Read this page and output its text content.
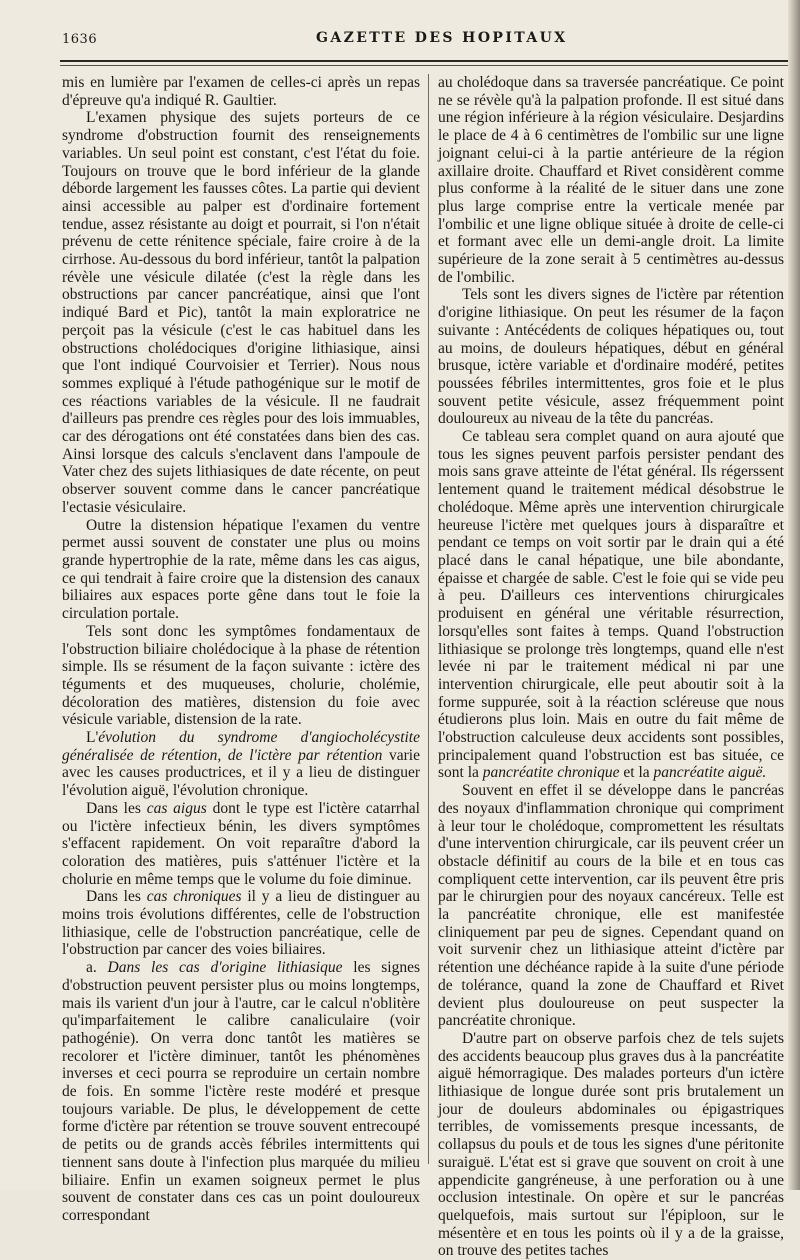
1636	GAZETTE DES HOPITAUX

mis en lumière par l'examen de celles-ci après un repas d'épreuve qu'a indiqué R. Gaultier.

L'examen physique des sujets porteurs de ce syndrome d'obstruction fournit des renseignements variables. Un seul point est constant, c'est l'état du foie. Toujours on trouve que le bord inférieur de la glande déborde largement les fausses côtes. La partie qui devient ainsi accessible au palper est d'ordinaire fortement tendue, assez résistante au doigt et pourrait, si l'on n'était prévenu de cette rénitence spéciale, faire croire à de la cirrhose. Au-dessous du bord inférieur, tantôt la palpation révèle une vésicule dilatée (c'est la règle dans les obstructions par cancer pancréatique, ainsi que l'ont indiqué Bard et Pic), tantôt la main exploratrice ne perçoit pas la vésicule (c'est le cas habituel dans les obstructions cholédociques d'origine lithiasique, ainsi que l'ont indiqué Courvoisier et Terrier). Nous nous sommes expliqué à l'étude pathogénique sur le motif de ces réactions variables de la vésicule. Il ne faudrait d'ailleurs pas prendre ces règles pour des lois immuables, car des dérogations ont été constatées dans bien des cas. Ainsi lorsque des calculs s'enclavent dans l'ampoule de Vater chez des sujets lithiasiques de date récente, on peut observer souvent comme dans le cancer pancréatique l'ectasie vésiculaire.

Outre la distension hépatique l'examen du ventre permet aussi souvent de constater une plus ou moins grande hypertrophie de la rate, même dans les cas aigus, ce qui tendrait à faire croire que la distension des canaux biliaires aux espaces porte gêne dans tout le foie la circulation portale.

Tels sont donc les symptômes fondamentaux de l'obstruction biliaire cholédocique à la phase de rétention simple. Ils se résument de la façon suivante : ictère des téguments et des muqueuses, cholurie, cholémie, décoloration des matières, distension du foie avec vésicule variable, distension de la rate.

L'évolution du syndrome d'angiocholécystite généralisée de rétention, de l'ictère par rétention varie avec les causes productrices, et il y a lieu de distinguer l'évolution aiguë, l'évolution chronique.

Dans les cas aigus dont le type est l'ictère catarrhal ou l'ictère infectieux bénin, les divers symptômes s'effacent rapidement. On voit reparaître d'abord la coloration des matières, puis s'atténuer l'ictère et la cholurie en même temps que le volume du foie diminue.

Dans les cas chroniques il y a lieu de distinguer au moins trois évolutions différentes, celle de l'obstruction lithiasique, celle de l'obstruction pancréatique, celle de l'obstruction par cancer des voies biliaires.

a. Dans les cas d'origine lithiasique les signes d'obstruction peuvent persister plus ou moins longtemps, mais ils varient d'un jour à l'autre, car le calcul n'oblitère qu'imparfaitement le calibre canaliculaire (voir pathogénie). On verra donc tantôt les matières se recolorer et l'ictère diminuer, tantôt les phénomènes inverses et ceci pourra se reproduire un certain nombre de fois. En somme l'ictère reste modéré et presque toujours variable. De plus, le développement de cette forme d'ictère par rétention se trouve souvent entrecoupé de petits ou de grands accès fébriles intermittents qui tiennent sans doute à l'infection plus marquée du milieu biliaire. Enfin un examen soigneux permet le plus souvent de constater dans ces cas un point douloureux correspondant

au cholédoque dans sa traversée pancréatique. Ce point ne se révèle qu'à la palpation profonde. Il est situé dans une région inférieure à la région vésiculaire. Desjardins le place de 4 à 6 centimètres de l'ombilic sur une ligne joignant celui-ci à la partie antérieure de la région axillaire droite. Chauffard et Rivet considèrent comme plus conforme à la réalité de le situer dans une zone plus large comprise entre la verticale menée par l'ombilic et une ligne oblique située à droite de celle-ci et formant avec elle un demi-angle droit. La limite supérieure de la zone serait à 5 centimètres au-dessus de l'ombilic.

Tels sont les divers signes de l'ictère par rétention d'origine lithiasique. On peut les résumer de la façon suivante : Antécédents de coliques hépatiques ou, tout au moins, de douleurs hépatiques, début en général brusque, ictère variable et d'ordinaire modéré, petites poussées fébriles intermittentes, gros foie et le plus souvent petite vésicule, assez fréquemment point douloureux au niveau de la tête du pancréas.

Ce tableau sera complet quand on aura ajouté que tous les signes peuvent parfois persister pendant des mois sans grave atteinte de l'état général. Ils régerssent lentement quand le traitement médical désobstrue le cholédoque. Même après une intervention chirurgicale heureuse l'ictère met quelques jours à disparaître et pendant ce temps on voit sortir par le drain qui a été placé dans le canal hépatique, une bile abondante, épaisse et chargée de sable. C'est le foie qui se vide peu à peu. D'ailleurs ces interventions chirurgicales produisent en général une véritable résurrection, lorsqu'elles sont faites à temps. Quand l'obstruction lithiasique se prolonge très longtemps, quand elle n'est levée ni par le traitement médical ni par une intervention chirurgicale, elle peut aboutir soit à la forme suppurée, soit à la réaction scléreuse que nous étudierons plus loin. Mais en outre du fait même de l'obstruction calculeuse deux accidents sont possibles, principalement quand l'obstruction est bas située, ce sont la pancréatite chronique et la pancréatite aiguë.

Souvent en effet il se développe dans le pancréas des noyaux d'inflammation chronique qui compriment à leur tour le cholédoque, compromettent les résultats d'une intervention chirurgicale, car ils peuvent créer un obstacle définitif au cours de la bile et en tous cas compliquent cette intervention, car ils peuvent être pris par le chirurgien pour des noyaux cancéreux. Telle est la pancréatite chronique, elle est manifestée cliniquement par peu de signes. Cependant quand on voit survenir chez un lithiasique atteint d'ictère par rétention une déchéance rapide à la suite d'une période de tolérance, quand la zone de Chauffard et Rivet devient plus douloureuse on peut suspecter la pancréatite chronique.

D'autre part on observe parfois chez de tels sujets des accidents beaucoup plus graves dus à la pancréatite aiguë hémorragique. Des malades porteurs d'un ictère lithiasique de longue durée sont pris brutalement un jour de douleurs abdominales ou épigastriques terribles, de vomissements presque incessants, de collapsus du pouls et de tous les signes d'une péritonite suraiguë. L'état est si grave que souvent on croit à une appendicite gangréneuse, à une perforation ou à une occlusion intestinale. On opère et sur le pancréas quelquefois, mais surtout sur l'épiploon, sur le mésentère et en tous les points où il y a de la graisse, on trouve des petites taches
